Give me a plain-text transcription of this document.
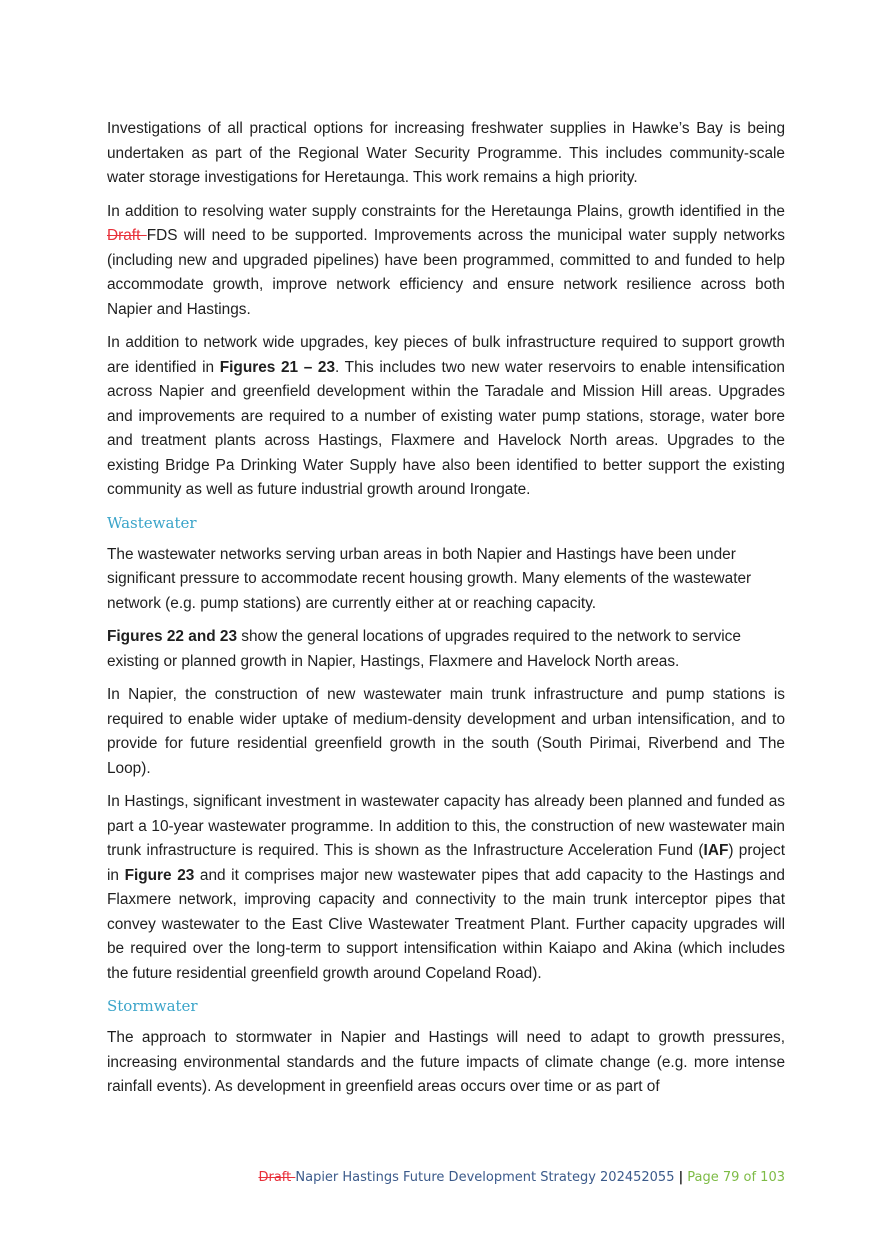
Investigations of all practical options for increasing freshwater supplies in Hawke’s Bay is being undertaken as part of the Regional Water Security Programme. This includes community-scale water storage investigations for Heretaunga. This work remains a high priority.

In addition to resolving water supply constraints for the Heretaunga Plains, growth identified in the Draft FDS will need to be supported. Improvements across the municipal water supply networks (including new and upgraded pipelines) have been programmed, committed to and funded to help accommodate growth, improve network efficiency and ensure network resilience across both Napier and Hastings.

In addition to network wide upgrades, key pieces of bulk infrastructure required to support growth are identified in Figures 21 – 23. This includes two new water reservoirs to enable intensification across Napier and greenfield development within the Taradale and Mission Hill areas. Upgrades and improvements are required to a number of existing water pump stations, storage, water bore and treatment plants across Hastings, Flaxmere and Havelock North areas. Upgrades to the existing Bridge Pa Drinking Water Supply have also been identified to better support the existing community as well as future industrial growth around Irongate.

Wastewater

The wastewater networks serving urban areas in both Napier and Hastings have been under significant pressure to accommodate recent housing growth. Many elements of the wastewater network (e.g. pump stations) are currently either at or reaching capacity.

Figures 22 and 23 show the general locations of upgrades required to the network to service existing or planned growth in Napier, Hastings, Flaxmere and Havelock North areas.

In Napier, the construction of new wastewater main trunk infrastructure and pump stations is required to enable wider uptake of medium-density development and urban intensification, and to provide for future residential greenfield growth in the south (South Pirimai, Riverbend and The Loop).

In Hastings, significant investment in wastewater capacity has already been planned and funded as part a 10-year wastewater programme. In addition to this, the construction of new wastewater main trunk infrastructure is required. This is shown as the Infrastructure Acceleration Fund (IAF) project in Figure 23 and it comprises major new wastewater pipes that add capacity to the Hastings and Flaxmere network, improving capacity and connectivity to the main trunk interceptor pipes that convey wastewater to the East Clive Wastewater Treatment Plant. Further capacity upgrades will be required over the long-term to support intensification within Kaiapo and Akina (which includes the future residential greenfield growth around Copeland Road).

Stormwater

The approach to stormwater in Napier and Hastings will need to adapt to growth pressures, increasing environmental standards and the future impacts of climate change (e.g. more intense rainfall events). As development in greenfield areas occurs over time or as part of

Draft Napier Hastings Future Development Strategy 202452055 | Page 79 of 103
